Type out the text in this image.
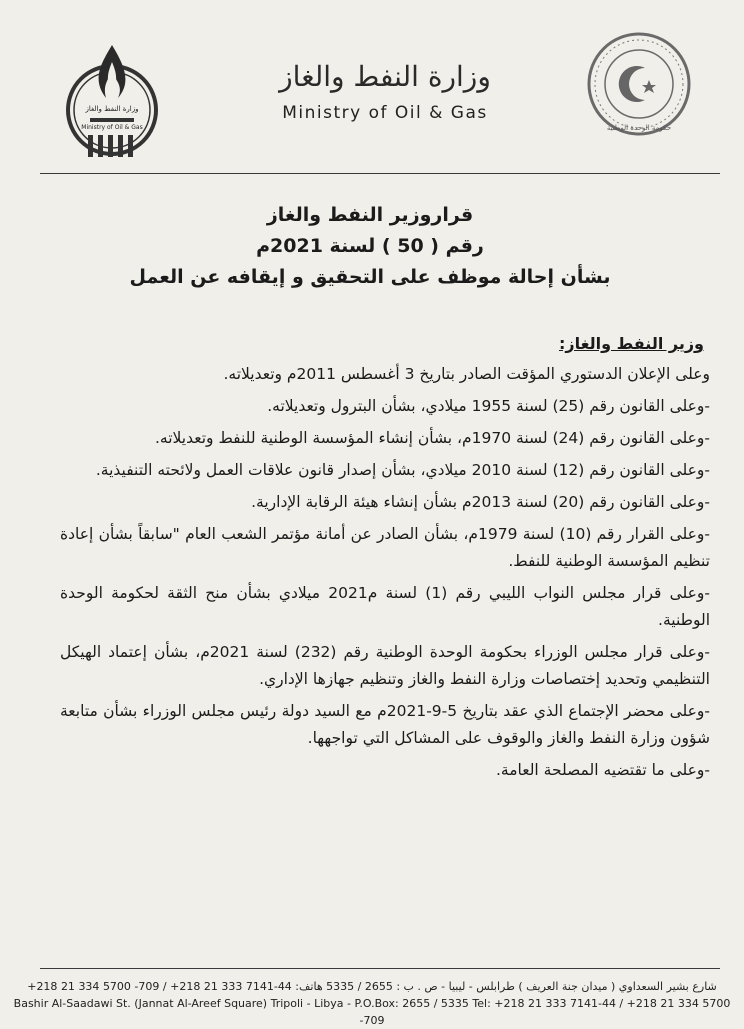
وزارة النفط والغاز
Ministry of Oil & Gas
وزارة النفط والغاز
Ministry of Oil & Gas
حكومة الوحدة الوطنية
قراروزير النفط والغاز
رقم ( 50 ) لسنة 2021م
بشأن إحالة موظف على التحقيق و إيقافه عن العمل
وزير النفط والغاز:
وعلى الإعلان الدستوري المؤقت الصادر بتاريخ 3 أغسطس 2011م وتعديلاته.
-وعلى القانون رقم (25) لسنة 1955 ميلادي، بشأن البترول وتعديلاته.
-وعلى القانون رقم (24) لسنة 1970م، بشأن إنشاء المؤسسة الوطنية للنفط وتعديلاته.
-وعلى القانون رقم (12) لسنة 2010 ميلادي، بشأن إصدار قانون علاقات العمل ولائحته التنفيذية.
-وعلى القانون رقم (20) لسنة 2013م بشأن إنشاء هيئة الرقابة الإدارية.
-وعلى القرار رقم (10) لسنة 1979م، بشأن الصادر عن أمانة مؤتمر الشعب العام "سابقاً بشأن إعادة تنظيم المؤسسة الوطنية للنفط.
-وعلى قرار مجلس النواب الليبي رقم (1) لسنة م2021 ميلادي بشأن منح الثقة لحكومة الوحدة الوطنية.
-وعلى قرار مجلس الوزراء بحكومة الوحدة الوطنية رقم (232) لسنة 2021م، بشأن إعتماد الهيكل التنظيمي وتحديد إختصاصات وزارة النفط والغاز وتنظيم جهازها الإداري.
-وعلى محضر الإجتماع الذي عقد بتاريخ 5-9-2021م مع السيد دولة رئيس مجلس الوزراء بشأن متابعة شؤون وزارة النفط والغاز والوقوف على المشاكل التي تواجهها.
-وعلى ما تقتضيه المصلحة العامة.
شارع بشير السعداوي ( ميدان جنة العريف ) طرابلس - ليبيا - ص . ب : 2655 / 5335 هاتف: 44-7141 333 21 218+ / 709- 5700 334 21 218+
Bashir Al-Saadawi St. (Jannat Al-Areef Square) Tripoli - Libya - P.O.Box: 2655 / 5335 Tel: +218 21 333 7141-44 / +218 21 334 5700 -709
